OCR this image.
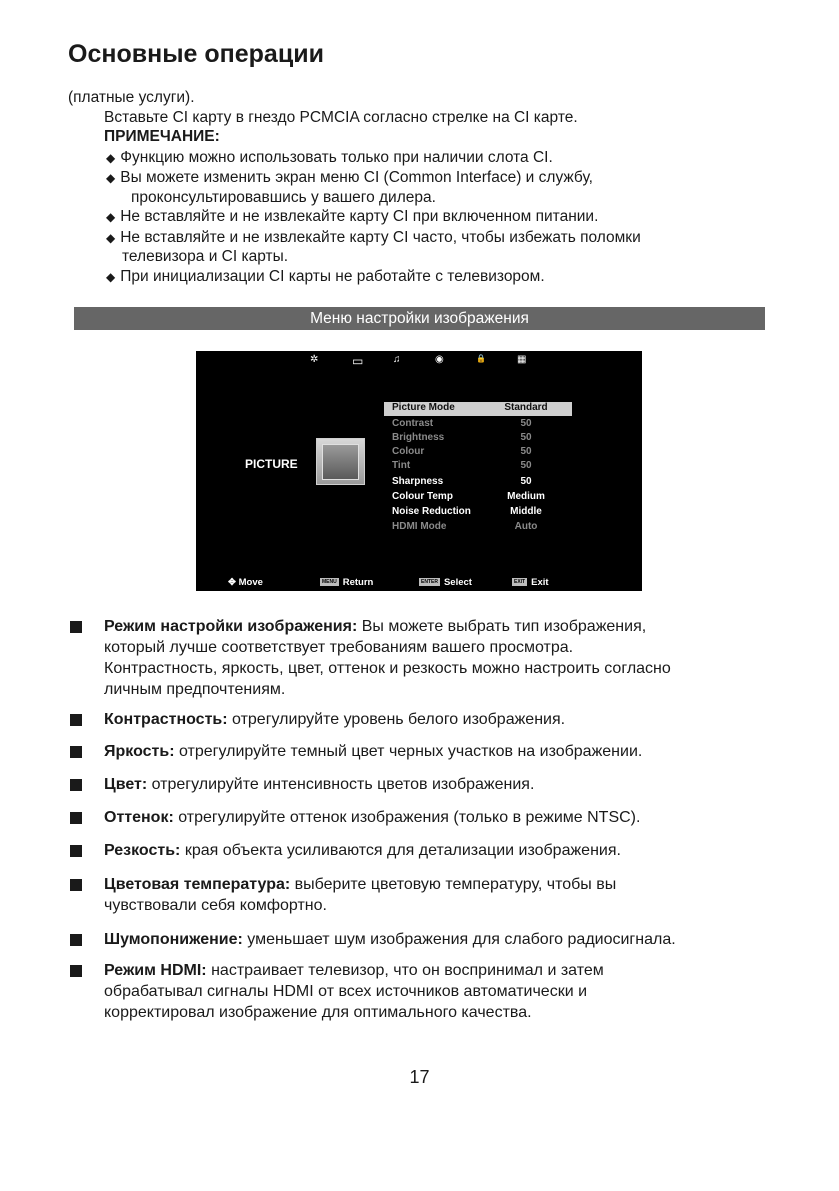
Основные операции
(платные услуги).
Вставьте CI карту в гнездо PCMCIA согласно стрелке на CI карте.
ПРИМЕЧАНИЕ:
◆ Функцию можно использовать только при наличии слота CI.
◆ Вы можете изменить экран меню CI (Common Interface) и службу,
проконсультировавшись у вашего дилера.
◆ Не вставляйте и не извлекайте карту CI при включенном питании.
◆ Не вставляйте и не извлекайте карту CI часто, чтобы избежать поломки
телевизора и CI карты.
◆ При инициализации CI карты не работайте с телевизором.
Меню настройки изображения
✲	▭	♫	◉	🔒	▦
PICTURE
Picture Mode	Standard
Contrast	50
Brightness	50
Colour	50
Tint	50
Sharpness	50
Colour Temp	Medium
Noise Reduction	Middle
HDMI Mode	Auto
✥ Move	MENU Return	ENTER Select	EXIT Exit
Режим настройки изображения: Вы можете выбрать тип изображения,
который лучше соответствует требованиям вашего просмотра.
Контрастность, яркость, цвет, оттенок и резкость можно настроить согласно
личным предпочтениям.
Контрастность: отрегулируйте уровень белого изображения.
Яркость: отрегулируйте темный цвет черных участков на изображении.
Цвет: отрегулируйте интенсивность цветов изображения.
Оттенок: отрегулируйте оттенок изображения (только в режиме NTSC).
Резкость: края объекта усиливаются для детализации изображения.
Цветовая температура: выберите цветовую температуру, чтобы вы
чувствовали себя комфортно.
Шумопонижение: уменьшает шум изображения для слабого радиосигнала.
Режим HDMI: настраивает телевизор, что он воспринимал и затем
обрабатывал сигналы HDMI от всех источников автоматически и
корректировал изображение для оптимального качества.
17
